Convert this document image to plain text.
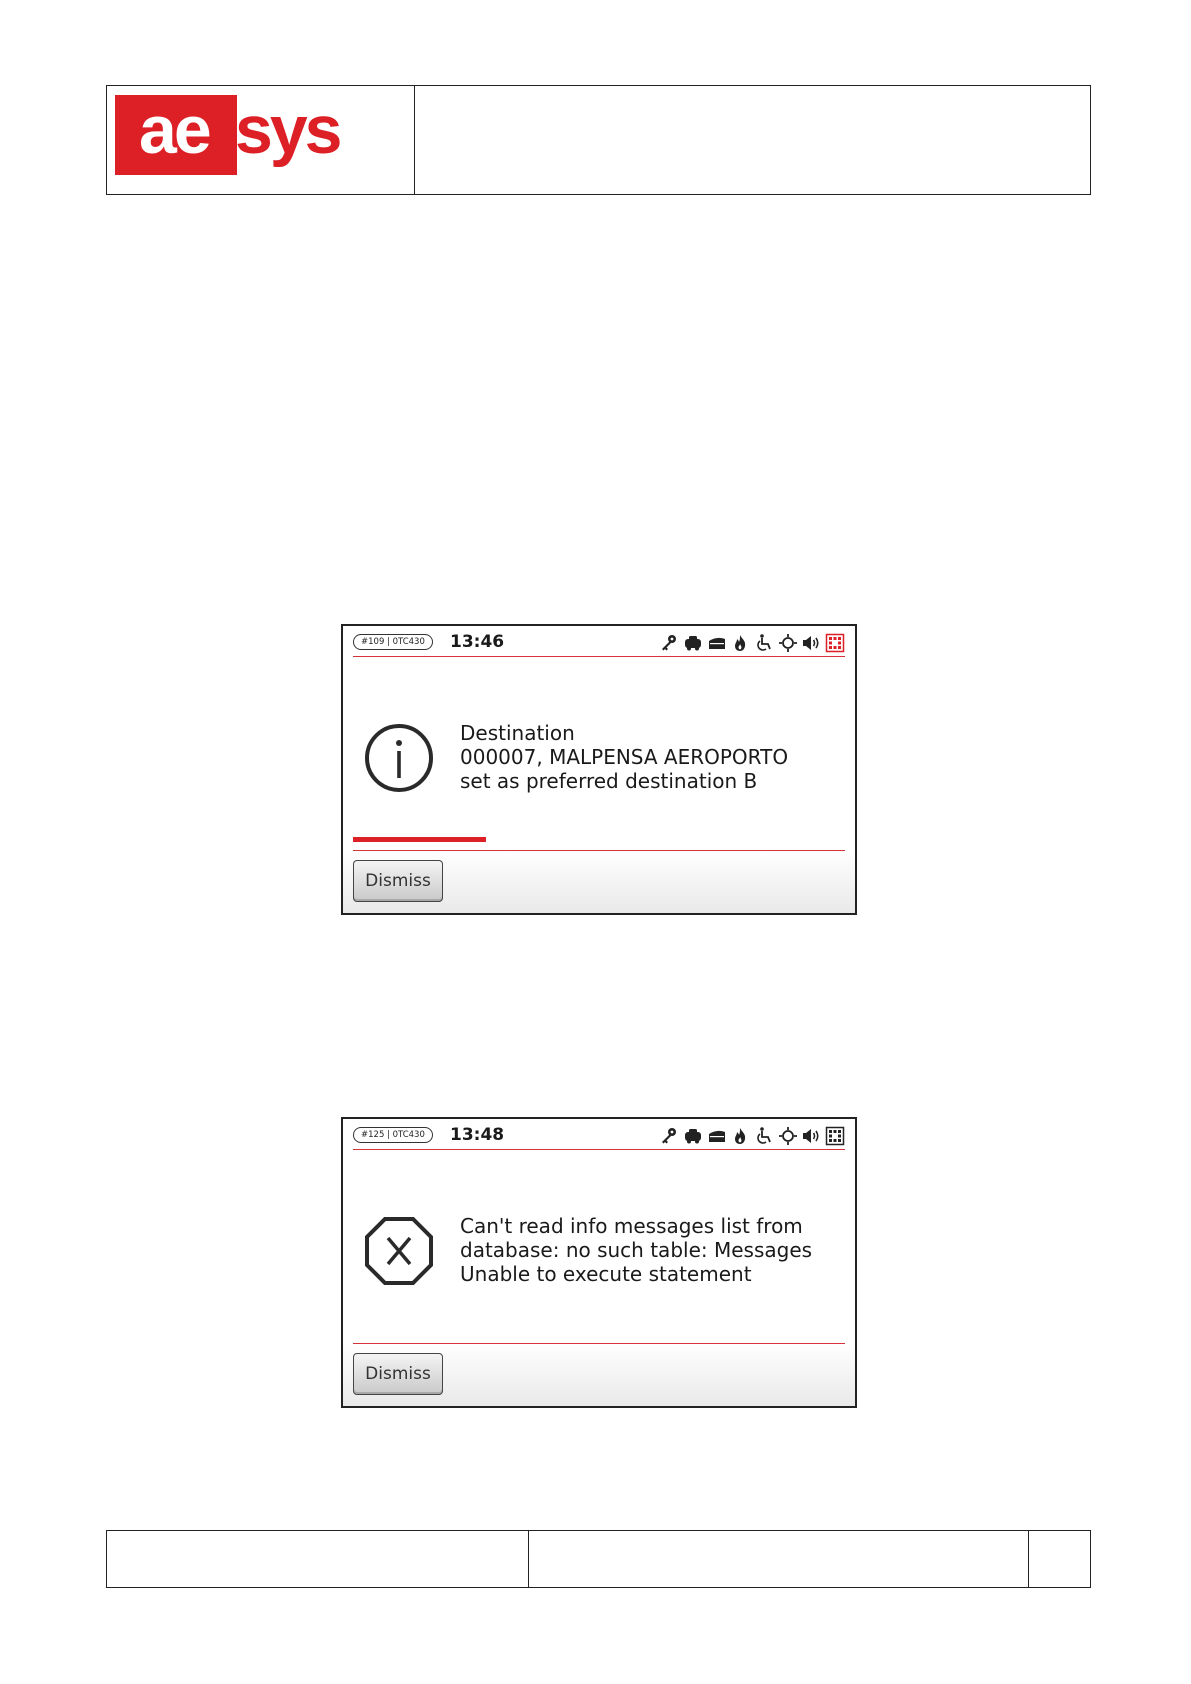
ae sys
#109 | 0TC430	13:46
Destination
000007, MALPENSA AEROPORTO
set as preferred destination B
Dismiss
#125 | 0TC430	13:48
Can't read info messages list from
database: no such table: Messages
Unable to execute statement
Dismiss
